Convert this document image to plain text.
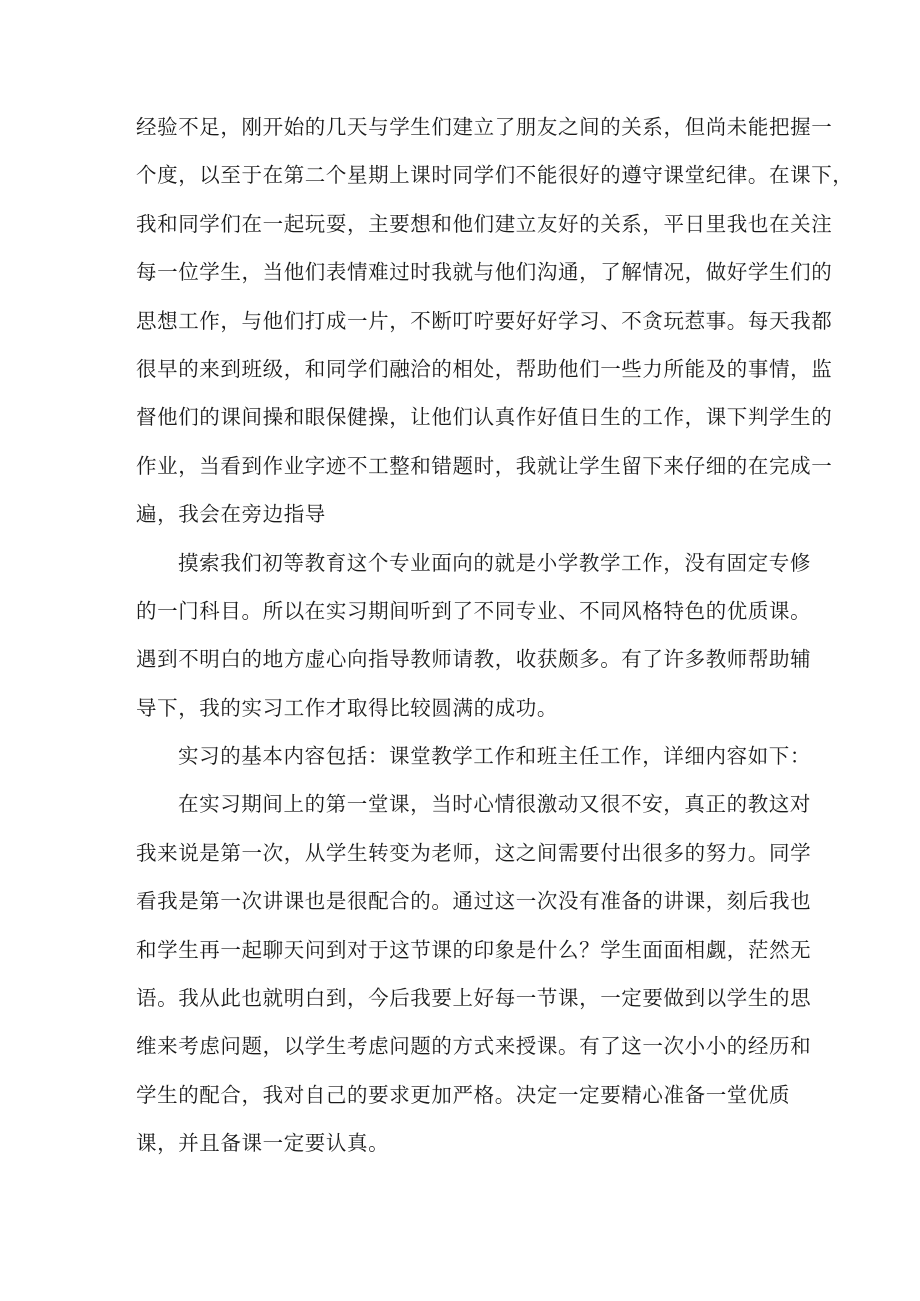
经验不足，刚开始的几天与学生们建立了朋友之间的关系，但尚未能把握一
个度，以至于在第二个星期上课时同学们不能很好的遵守课堂纪律。在课下，
我和同学们在一起玩耍，主要想和他们建立友好的关系，平日里我也在关注
每一位学生，当他们表情难过时我就与他们沟通，了解情况，做好学生们的
思想工作，与他们打成一片，不断叮咛要好好学习、不贪玩惹事。每天我都
很早的来到班级，和同学们融洽的相处，帮助他们一些力所能及的事情，监
督他们的课间操和眼保健操，让他们认真作好值日生的工作，课下判学生的
作业，当看到作业字迹不工整和错题时，我就让学生留下来仔细的在完成一
遍，我会在旁边指导
摸索我们初等教育这个专业面向的就是小学教学工作，没有固定专修
的一门科目。所以在实习期间听到了不同专业、不同风格特色的优质课。
遇到不明白的地方虚心向指导教师请教，收获颇多。有了许多教师帮助辅
导下，我的实习工作才取得比较圆满的成功。
实习的基本内容包括：课堂教学工作和班主任工作，详细内容如下：
在实习期间上的第一堂课，当时心情很激动又很不安，真正的教这对
我来说是第一次，从学生转变为老师，这之间需要付出很多的努力。同学
看我是第一次讲课也是很配合的。通过这一次没有准备的讲课，刻后我也
和学生再一起聊天问到对于这节课的印象是什么？学生面面相觑，茫然无
语。我从此也就明白到，今后我要上好每一节课，一定要做到以学生的思
维来考虑问题，以学生考虑问题的方式来授课。有了这一次小小的经历和
学生的配合，我对自己的要求更加严格。决定一定要精心准备一堂优质
课，并且备课一定要认真。
